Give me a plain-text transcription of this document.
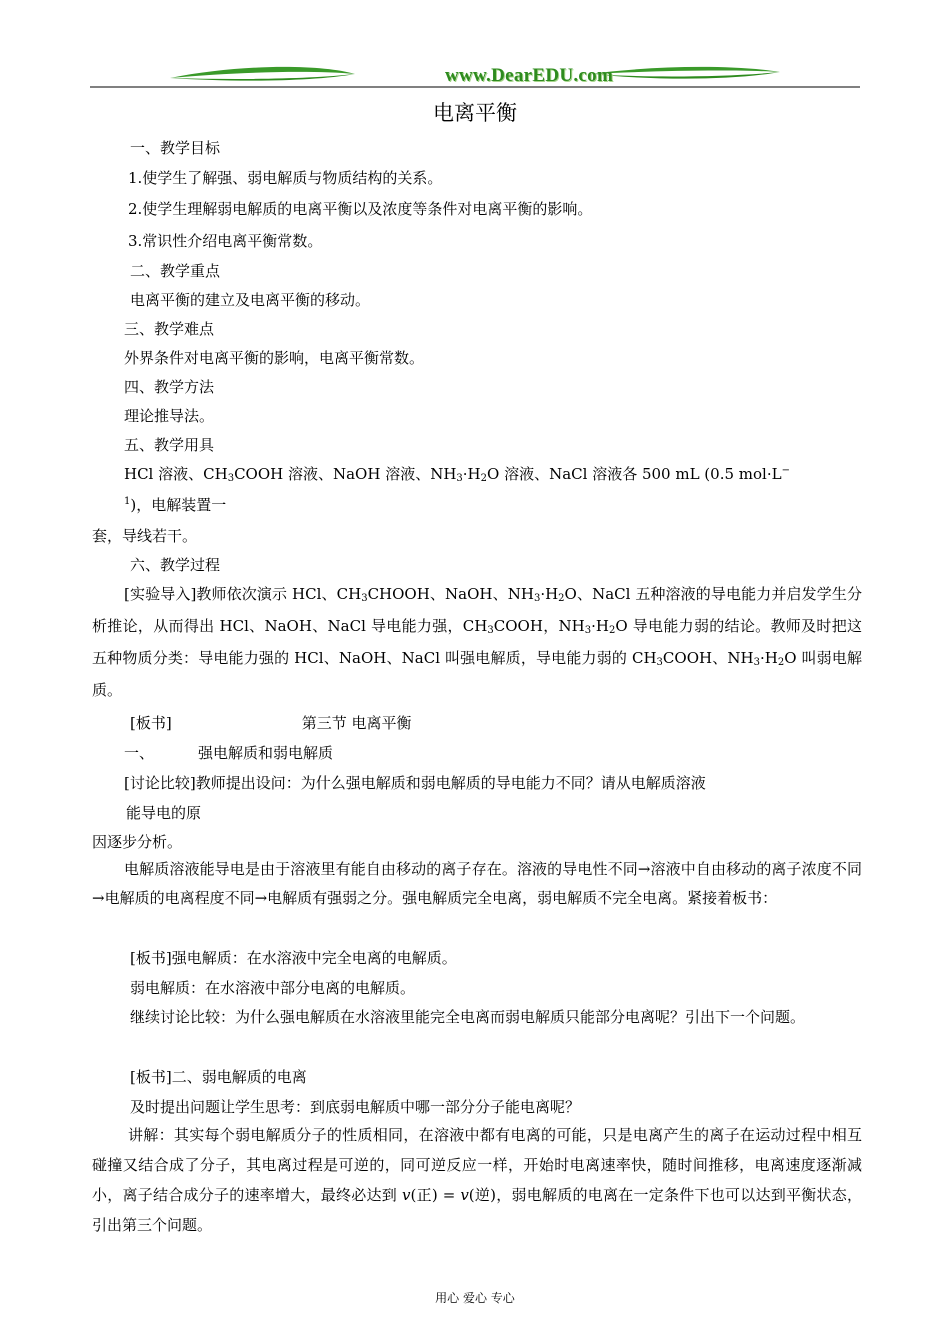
www.DearEDU.com
电离平衡
一、教学目标
1.使学生了解强、弱电解质与物质结构的关系。
2.使学生理解弱电解质的电离平衡以及浓度等条件对电离平衡的影响。
3.常识性介绍电离平衡常数。
二、教学重点
电离平衡的建立及电离平衡的移动。
三、教学难点
外界条件对电离平衡的影响，电离平衡常数。
四、教学方法
理论推导法。
五、教学用具
HCl 溶液、$CH_3COOH$ 溶液、NaOH 溶液、$NH_3\cdot H_2O$ 溶液、NaCl 溶液各 500 mL (0.5 mol·L−
$^1$)，电解装置一
套，导线若干。
六、教学过程
[实验导入]教师依次演示 HCl、$CH_3CHOOH$、NaOH、$NH_3\cdot H_2O$、NaCl 五种溶液的导电能力并启发学生分析推论，从而得出 HCl、NaOH、NaCl 导电能力强，$CH_3COOH$，$NH_3\cdot H_2O$ 导电能力弱的结论。教师及时把这五种物质分类：导电能力强的 HCl、NaOH、NaCl 叫强电解质，导电能力弱的 $CH_3COOH$、$NH_3\cdot H_2O$ 叫弱电解质。
[板书]	第三节 电离平衡
一、	强电解质和弱电解质
[讨论比较]教师提出设问：为什么强电解质和弱电解质的导电能力不同？请从电解质溶液
能导电的原
因逐步分析。
电解质溶液能导电是由于溶液里有能自由移动的离子存在。溶液的导电性不同→溶液中自由移动的离子浓度不同→电解质的电离程度不同→电解质有强弱之分。强电解质完全电离，弱电解质不完全电离。紧接着板书：
[板书]强电解质：在水溶液中完全电离的电解质。
弱电解质：在水溶液中部分电离的电解质。
继续讨论比较：为什么强电解质在水溶液里能完全电离而弱电解质只能部分电离呢？引出下一个问题。
[板书]二、弱电解质的电离
及时提出问题让学生思考：到底弱电解质中哪一部分分子能电离呢？
讲解：其实每个弱电解质分子的性质相同，在溶液中都有电离的可能，只是电离产生的离子在运动过程中相互碰撞又结合成了分子，其电离过程是可逆的，同可逆反应一样，开始时电离速率快，随时间推移，电离速度逐渐减小，离子结合成分子的速率增大，最终必达到 v(正) = v(逆)，弱电解质的电离在一定条件下也可以达到平衡状态，引出第三个问题。
用心 爱心 专心
